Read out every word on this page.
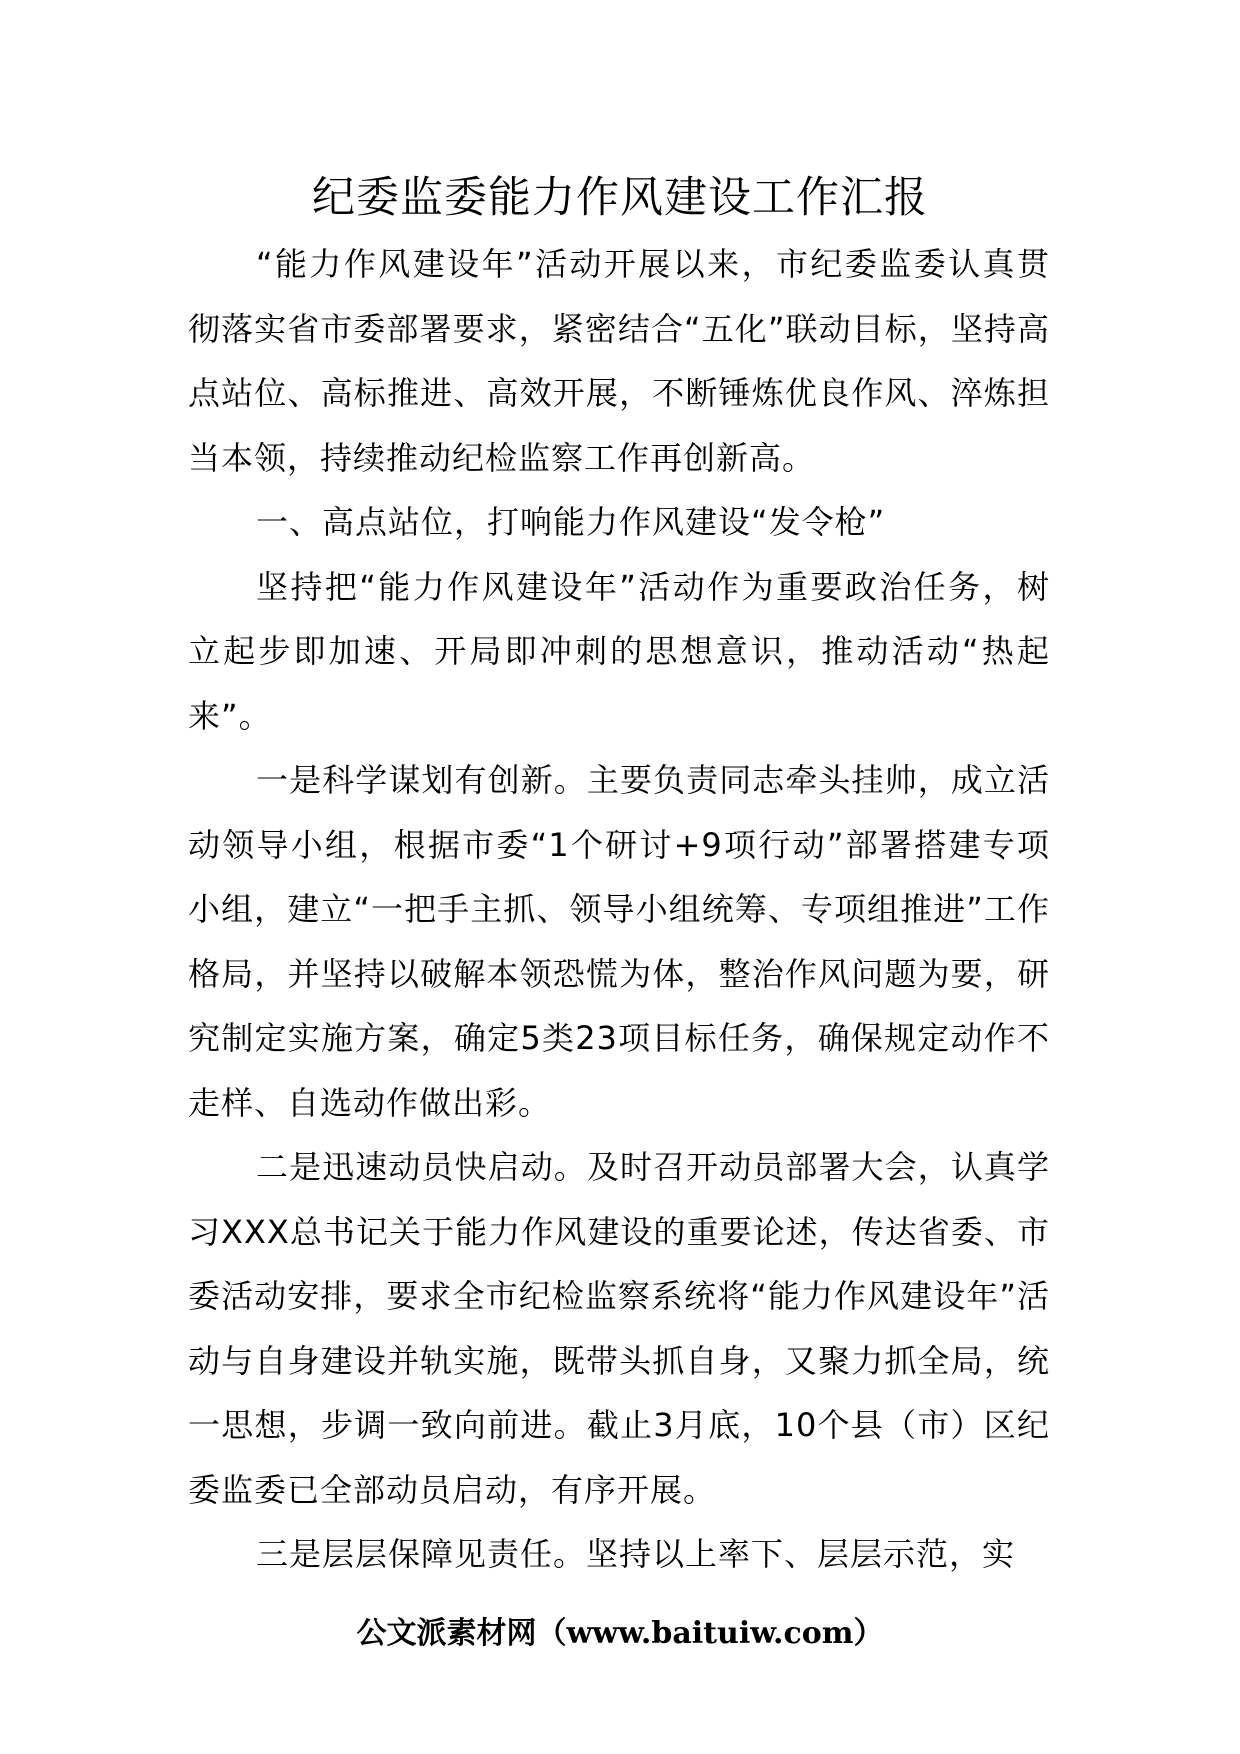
纪委监委能力作风建设工作汇报

“能力作风建设年”活动开展以来，市纪委监委认真贯彻落实省市委部署要求，紧密结合“五化”联动目标，坚持高点站位、高标推进、高效开展，不断锤炼优良作风、淬炼担当本领，持续推动纪检监察工作再创新高。

一、高点站位，打响能力作风建设“发令枪”

坚持把“能力作风建设年”活动作为重要政治任务，树立起步即加速、开局即冲刺的思想意识，推动活动“热起来”。

一是科学谋划有创新。主要负责同志牵头挂帅，成立活动领导小组，根据市委“1个研讨+9项行动”部署搭建专项小组，建立“一把手主抓、领导小组统筹、专项组推进”工作格局，并坚持以破解本领恐慌为体，整治作风问题为要，研究制定实施方案，确定5类23项目标任务，确保规定动作不走样、自选动作做出彩。

二是迅速动员快启动。及时召开动员部署大会，认真学习XXX总书记关于能力作风建设的重要论述，传达省委、市委活动安排，要求全市纪检监察系统将“能力作风建设年”活动与自身建设并轨实施，既带头抓自身，又聚力抓全局，统一思想，步调一致向前进。截止3月底，10个县（市）区纪委监委已全部动员启动，有序开展。

三是层层保障见责任。坚持以上率下、层层示范，实

公文派素材网（www.baituiw.com）
